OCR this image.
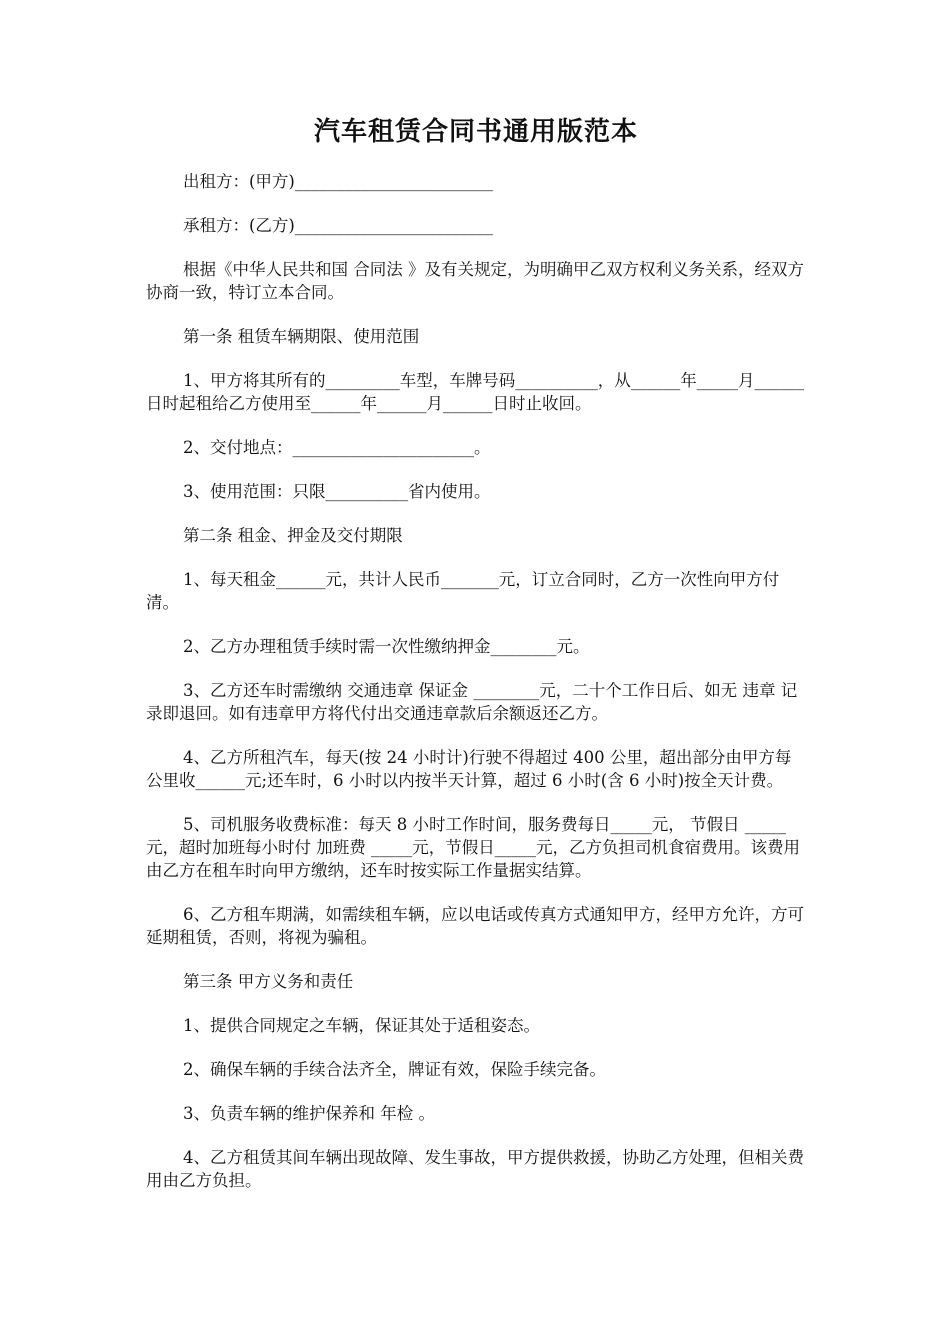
汽车租赁合同书通用版范本
出租方：(甲方)________________________
承租方：(乙方)________________________
根据《中华人民共和国 合同法 》及有关规定，为明确甲乙双方权利义务关系，经双方协商一致，特订立本合同。
第一条 租赁车辆期限、使用范围
1、甲方将其所有的_________车型，车牌号码__________，从______年_____月______日时起租给乙方使用至______年______月______日时止收回。
2、交付地点：______________________。
3、使用范围：只限__________省内使用。
第二条 租金、押金及交付期限
1、每天租金______元，共计人民币_______元，订立合同时，乙方一次性向甲方付清。
2、乙方办理租赁手续时需一次性缴纳押金________元。
3、乙方还车时需缴纳 交通违章 保证金 ________元，二十个工作日后、如无 违章 记录即退回。如有违章甲方将代付出交通违章款后余额返还乙方。
4、乙方所租汽车，每天(按 24 小时计)行驶不得超过 400 公里，超出部分由甲方每公里收______元;还车时，6 小时以内按半天计算，超过 6 小时(含 6 小时)按全天计费。
5、司机服务收费标准：每天 8 小时工作时间，服务费每日_____元， 节假日 _____元，超时加班每小时付 加班费 _____元，节假日_____元，乙方负担司机食宿费用。该费用由乙方在租车时向甲方缴纳，还车时按实际工作量据实结算。
6、乙方租车期满，如需续租车辆，应以电话或传真方式通知甲方，经甲方允许，方可延期租赁，否则，将视为骗租。
第三条 甲方义务和责任
1、提供合同规定之车辆，保证其处于适租姿态。
2、确保车辆的手续合法齐全，牌证有效，保险手续完备。
3、负责车辆的维护保养和 年检 。
4、乙方租赁其间车辆出现故障、发生事故，甲方提供救援，协助乙方处理，但相关费用由乙方负担。
